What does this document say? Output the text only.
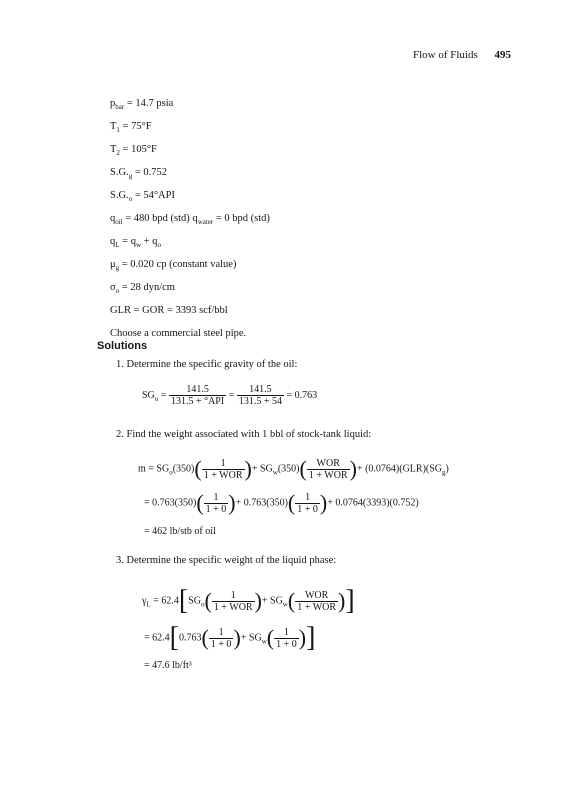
Flow of Fluids 495
$p_{bar} = 14.7$ psia
$T_1 = 75^\circ F$
$T_2 = 105^\circ F$
$S.G._g = 0.752$
$S.G._o = 54^\circ API$
$q_{oil} = 480$ bpd (std) $q_{water} = 0$ bpd (std)
$q_L = q_w + q_o$
$\mu_g = 0.020$ cp (constant value)
$\sigma_o = 28$ dyn/cm
GLR = GOR = 3393 scf/bbl
Choose a commercial steel pipe.
Solutions
1. Determine the specific gravity of the oil:
$SG_o = \frac{141.5}{\text{131.5 + °API}} = \frac{141.5}{131.5 + 54} = 0.763$
2. Find the weight associated with 1 bbl of stock-tank liquid:
$m = SG_o(350)( \frac{1}{\text{1 + WOR}}$ )+ $SG_w(350)( \frac{\text{WOR}}{\text{1 + WOR}}$ )+ $(0.0764)(GLR)(SG_g)$
= $0.763(350)( \frac{1}{1 + 0}$ )+ $0.763(350)( \frac{1}{1 + 0}$ )+ 0.0764(3393)(0.752)
= 462 lb/stb of oil
3. Determine the specific weight of the liquid phase:
$\gamma_L = 62.4[SG_o( \frac{1}{\text{1 + WOR}}$ )+ $SG_w( \frac{\text{WOR}}{\text{1 + WOR}}$ )]
= $62.4[0.763( \frac{1}{1 + 0}$ )+ $SG_w( \frac{1}{1 + 0}$ )]
= 47.6 lb/ft³
